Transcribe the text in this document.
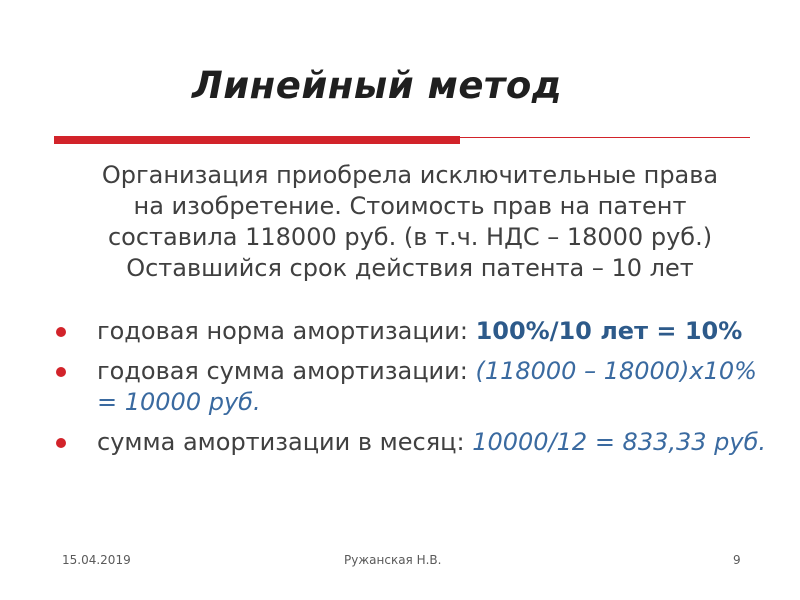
Линейный метод
Организация приобрела исключительные права на изобретение. Стоимость прав на патент составила 118000 руб. (в т.ч. НДС – 18000 руб.) Оставшийся срок действия патента – 10 лет
годовая норма амортизации: 100%/10 лет = 10%
годовая сумма амортизации: (118000 – 18000)х10% = 10000 руб.
сумма амортизации в месяц: 10000/12 = 833,33 руб.
15.04.2019	Ружанская Н.В.	9
